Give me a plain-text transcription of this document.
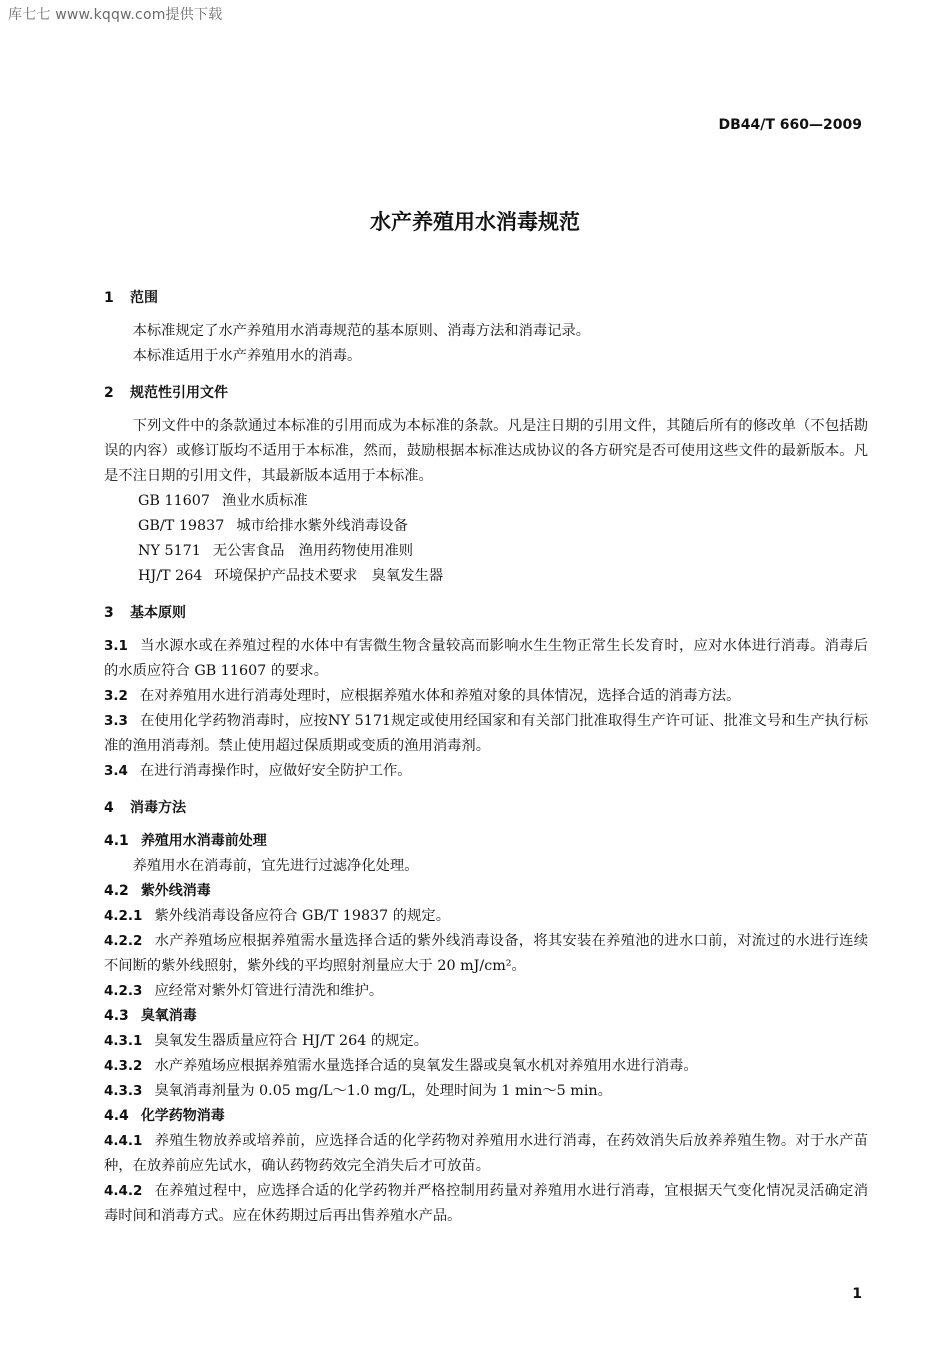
库七七 www.kqqw.com提供下载
DB44/T 660—2009
水产养殖用水消毒规范
1 范围

本标准规定了水产养殖用水消毒规范的基本原则、消毒方法和消毒记录。

本标准适用于水产养殖用水的消毒。

2 规范性引用文件

下列文件中的条款通过本标准的引用而成为本标准的条款。凡是注日期的引用文件，其随后所有的修改单（不包括勘误的内容）或修订版均不适用于本标准，然而，鼓励根据本标准达成协议的各方研究是否可使用这些文件的最新版本。凡是不注日期的引用文件，其最新版本适用于本标准。

GB 11607 渔业水质标准

GB/T 19837 城市给排水紫外线消毒设备

NY 5171 无公害食品　渔用药物使用准则

HJ/T 264 环境保护产品技术要求　臭氧发生器

3 基本原则

3.1 当水源水或在养殖过程的水体中有害微生物含量较高而影响水生生物正常生长发育时，应对水体进行消毒。消毒后的水质应符合 GB 11607 的要求。

3.2 在对养殖用水进行消毒处理时，应根据养殖水体和养殖对象的具体情况，选择合适的消毒方法。

3.3 在使用化学药物消毒时，应按NY 5171规定或使用经国家和有关部门批准取得生产许可证、批准文号和生产执行标准的渔用消毒剂。禁止使用超过保质期或变质的渔用消毒剂。

3.4 在进行消毒操作时，应做好安全防护工作。

4 消毒方法
4.1 养殖用水消毒前处理

养殖用水在消毒前，宜先进行过滤净化处理。

4.2 紫外线消毒

4.2.1 紫外线消毒设备应符合 GB/T 19837 的规定。

4.2.2 水产养殖场应根据养殖需水量选择合适的紫外线消毒设备，将其安装在养殖池的进水口前，对流过的水进行连续不间断的紫外线照射，紫外线的平均照射剂量应大于 20 mJ/cm²。

4.2.3 应经常对紫外灯管进行清洗和维护。

4.3 臭氧消毒

4.3.1 臭氧发生器质量应符合 HJ/T 264 的规定。

4.3.2 水产养殖场应根据养殖需水量选择合适的臭氧发生器或臭氧水机对养殖用水进行消毒。

4.3.3 臭氧消毒剂量为 0.05 mg/L～1.0 mg/L，处理时间为 1 min～5 min。

4.4 化学药物消毒

4.4.1 养殖生物放养或培养前，应选择合适的化学药物对养殖用水进行消毒，在药效消失后放养养殖生物。对于水产苗种，在放养前应先试水，确认药物药效完全消失后才可放苗。

4.4.2 在养殖过程中，应选择合适的化学药物并严格控制用药量对养殖用水进行消毒，宜根据天气变化情况灵活确定消毒时间和消毒方式。应在休药期过后再出售养殖水产品。

1
